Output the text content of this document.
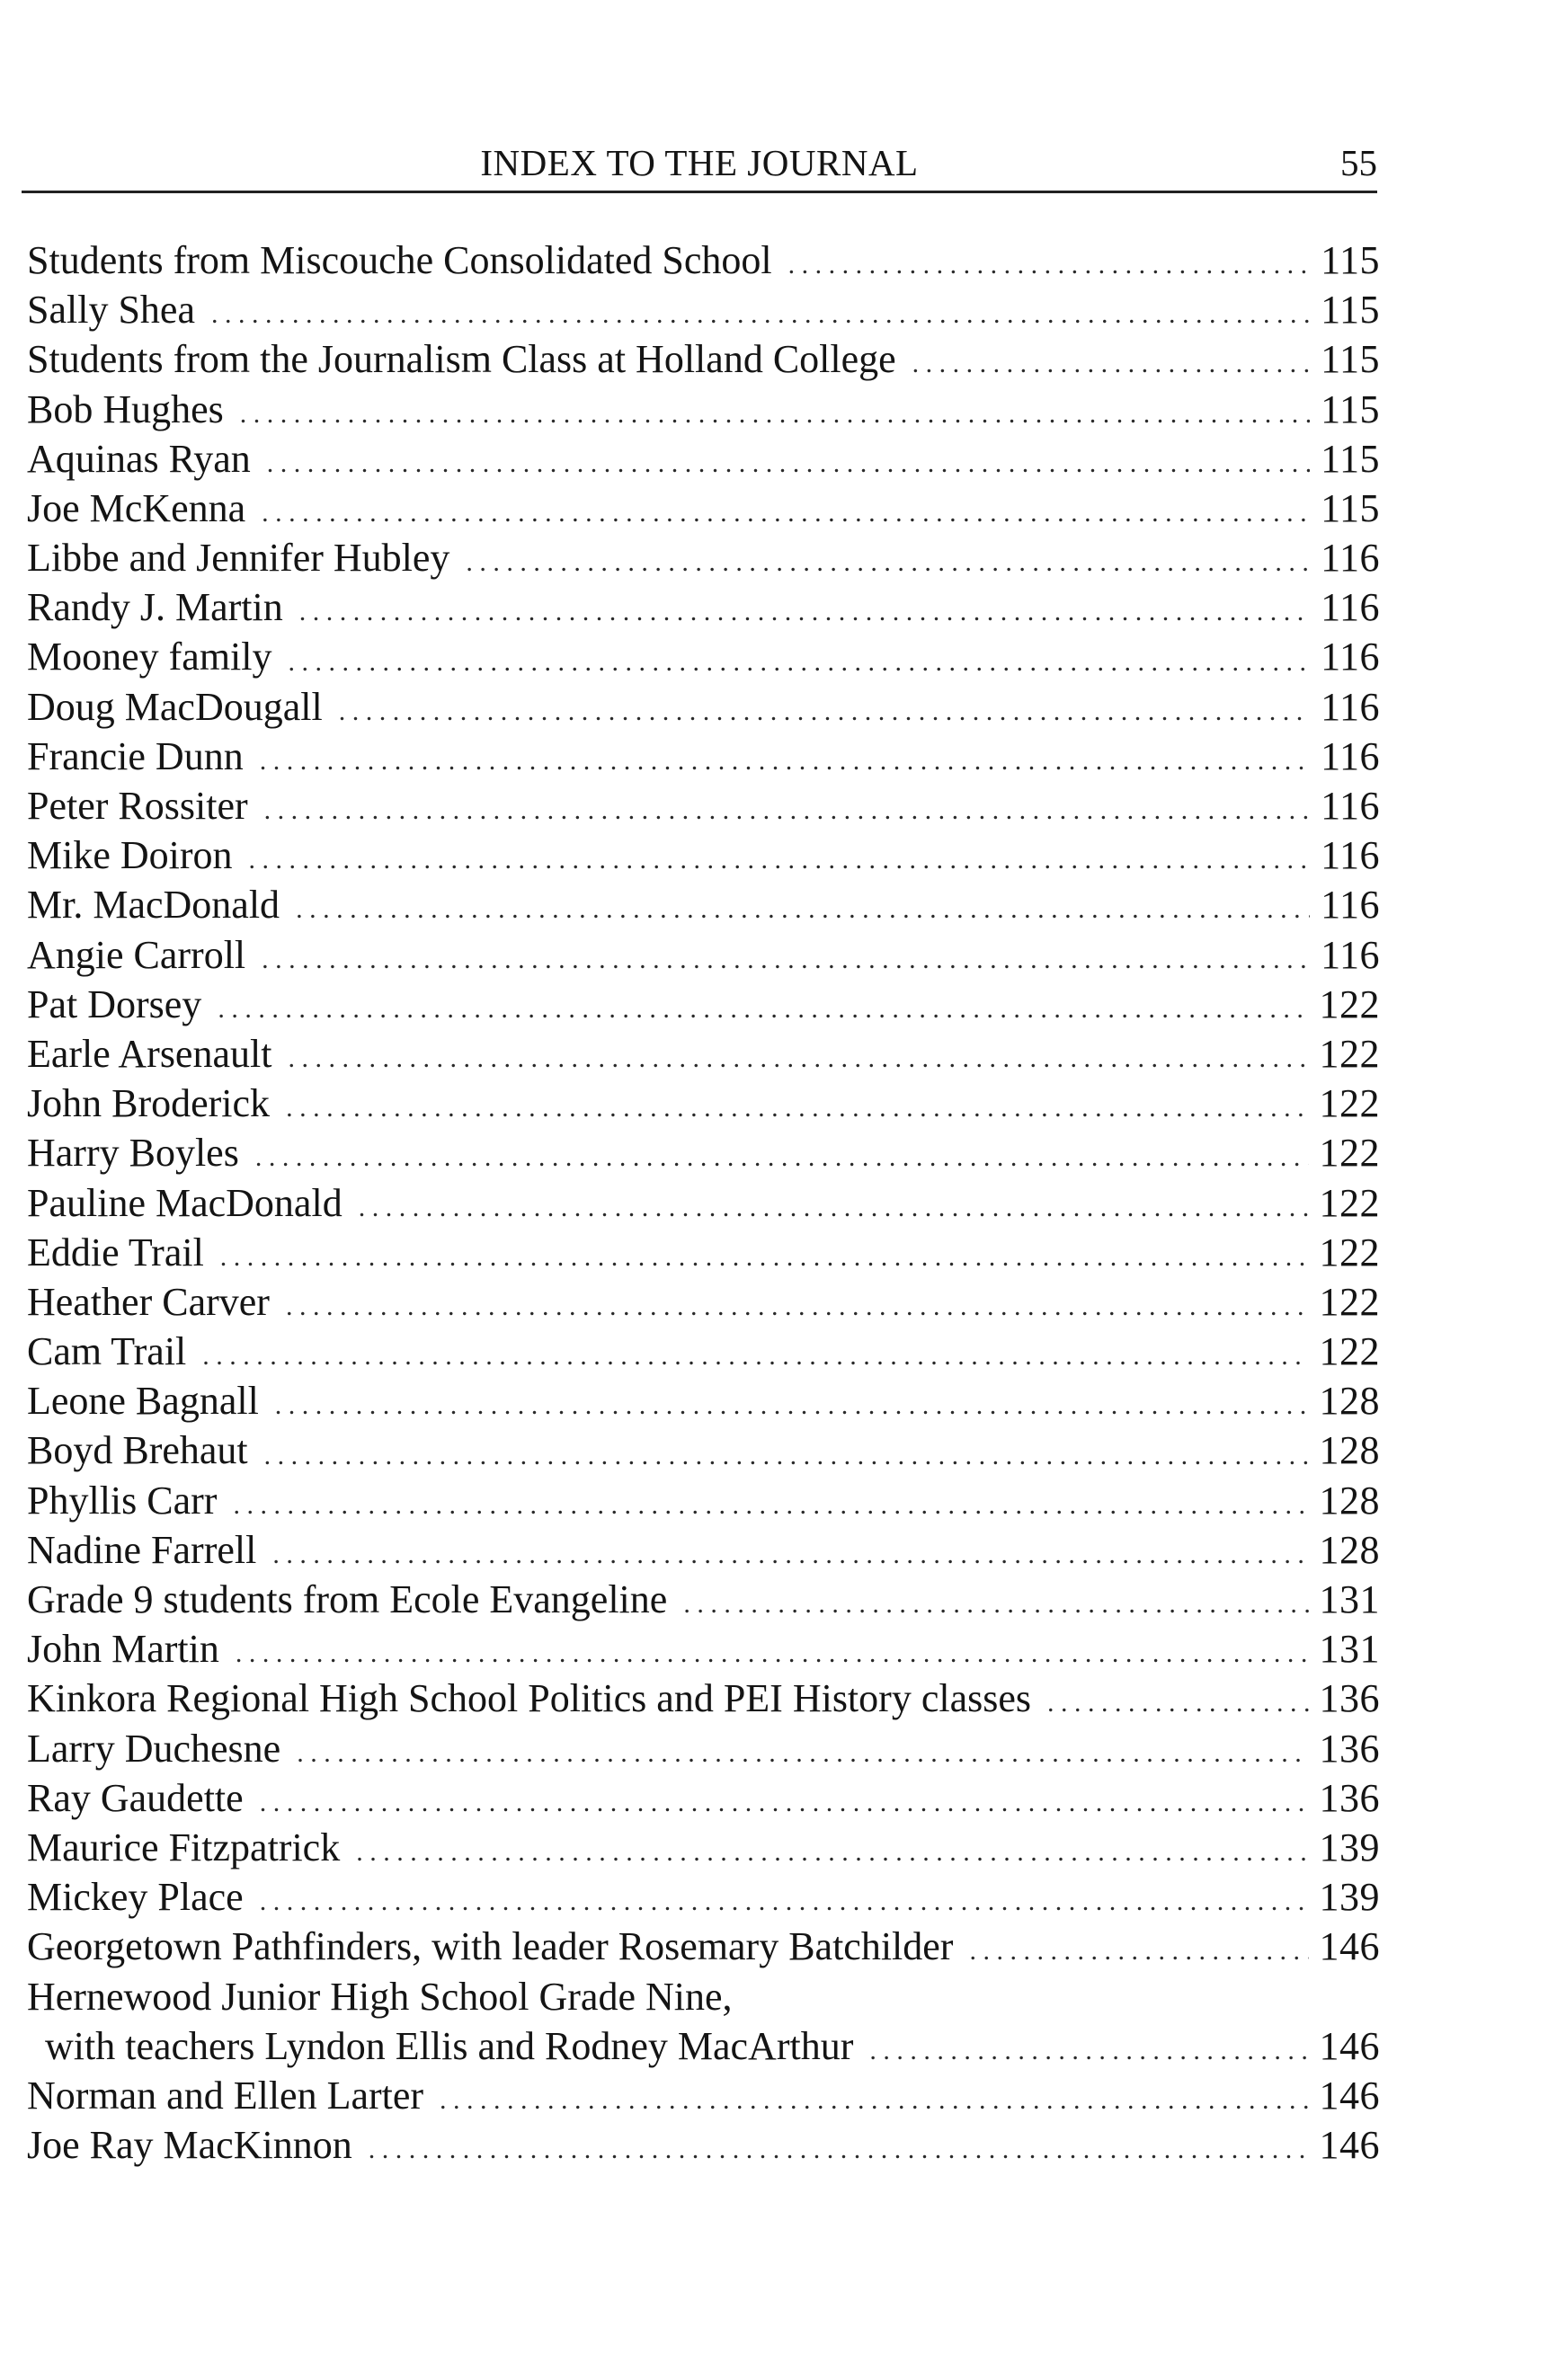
INDEX TO THE JOURNAL	55
Students from Miscouche Consolidated School . . .	115
Sally Shea . . .	115
Students from the Journalism Class at Holland College . . .	115
Bob Hughes . . .	115
Aquinas Ryan . . .	115
Joe McKenna . . .	115
Libbe and Jennifer Hubley . . .	116
Randy J. Martin . . .	116
Mooney family . . .	116
Doug MacDougall . . .	116
Francie Dunn . . .	116
Peter Rossiter . . .	116
Mike Doiron . . .	116
Mr. MacDonald . . .	116
Angie Carroll . . .	116
Pat Dorsey . . .	122
Earle Arsenault . . .	122
John Broderick . . .	122
Harry Boyles . . .	122
Pauline MacDonald . . .	122
Eddie Trail . . .	122
Heather Carver . . .	122
Cam Trail . . .	122
Leone Bagnall . . .	128
Boyd Brehaut . . .	128
Phyllis Carr . . .	128
Nadine Farrell . . .	128
Grade 9 students from Ecole Evangeline . . .	131
John Martin . . .	131
Kinkora Regional High School Politics and PEI History classes . . .	136
Larry Duchesne . . .	136
Ray Gaudette . . .	136
Maurice Fitzpatrick . . .	139
Mickey Place . . .	139
Georgetown Pathfinders, with leader Rosemary Batchilder . . .	146
Hernewood Junior High School Grade Nine,
with teachers Lyndon Ellis and Rodney MacArthur . . .	146
Norman and Ellen Larter . . .	146
Joe Ray MacKinnon . . .	146
